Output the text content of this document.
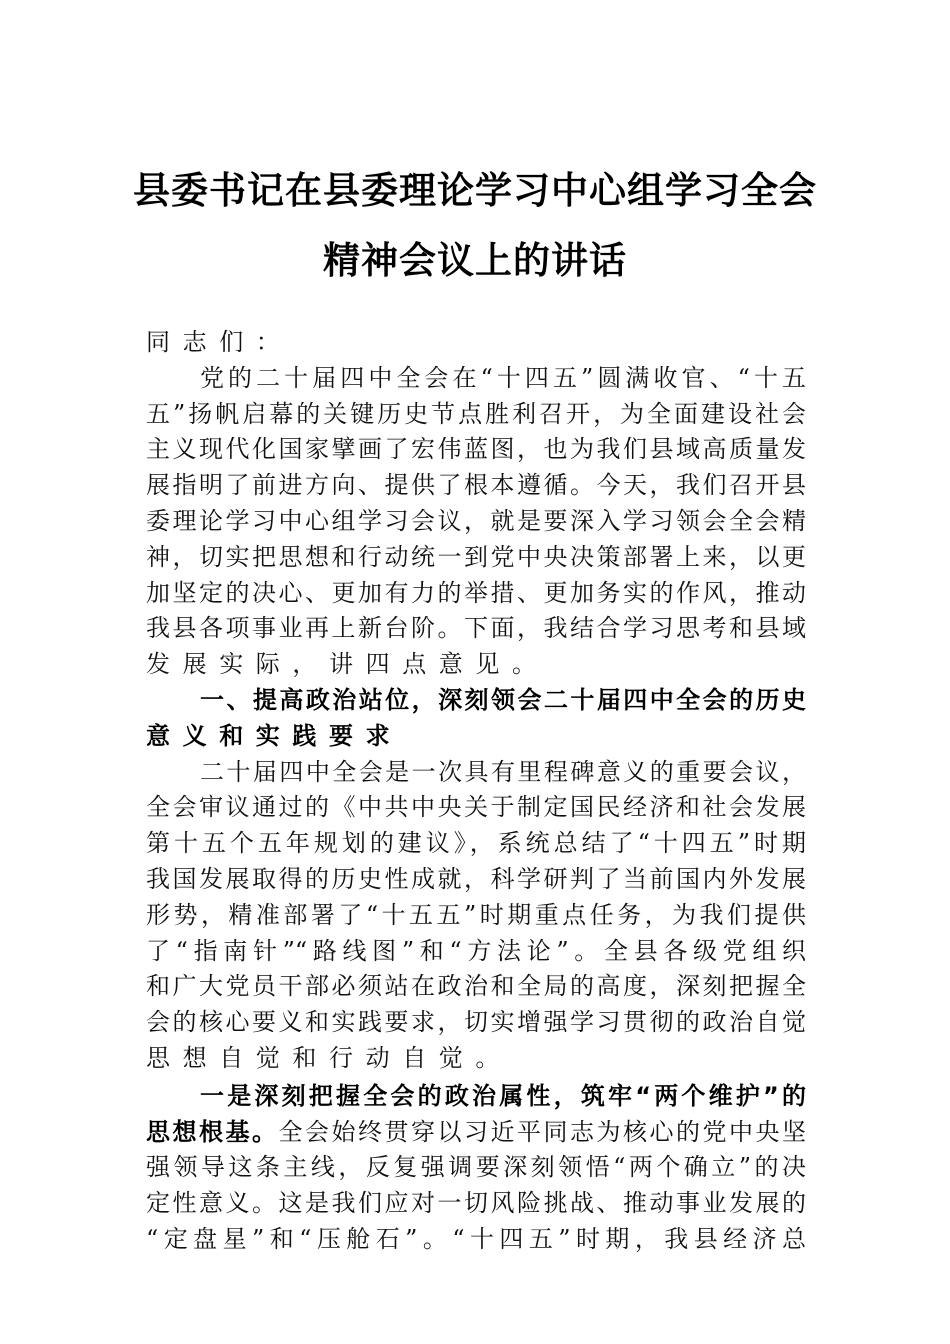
县委书记在县委理论学习中心组学习全会
精神会议上的讲话
同志们：
党的二十届四中全会在“十四五”圆满收官、“十五
五”扬帆启幕的关键历史节点胜利召开，为全面建设社会
主义现代化国家擘画了宏伟蓝图，也为我们县域高质量发
展指明了前进方向、提供了根本遵循。今天，我们召开县
委理论学习中心组学习会议，就是要深入学习领会全会精
神，切实把思想和行动统一到党中央决策部署上来，以更
加坚定的决心、更加有力的举措、更加务实的作风，推动
我县各项事业再上新台阶。下面，我结合学习思考和县域
发展实际，讲四点意见。
一、提高政治站位，深刻领会二十届四中全会的历史
意义和实践要求
二十届四中全会是一次具有里程碑意义的重要会议，
全会审议通过的《中共中央关于制定国民经济和社会发展
第十五个五年规划的建议》，系统总结了“十四五”时期
我国发展取得的历史性成就，科学研判了当前国内外发展
形势，精准部署了“十五五”时期重点任务，为我们提供
了“指南针”“路线图”和“方法论”。全县各级党组织
和广大党员干部必须站在政治和全局的高度，深刻把握全
会的核心要义和实践要求，切实增强学习贯彻的政治自觉
思想自觉和行动自觉。
一是深刻把握全会的政治属性，筑牢“两个维护”的
思想根基。全会始终贯穿以习近平同志为核心的党中央坚
强领导这条主线，反复强调要深刻领悟“两个确立”的决
定性意义。这是我们应对一切风险挑战、推动事业发展的
“定盘星”和“压舱石”。“十四五”时期，我县经济总
